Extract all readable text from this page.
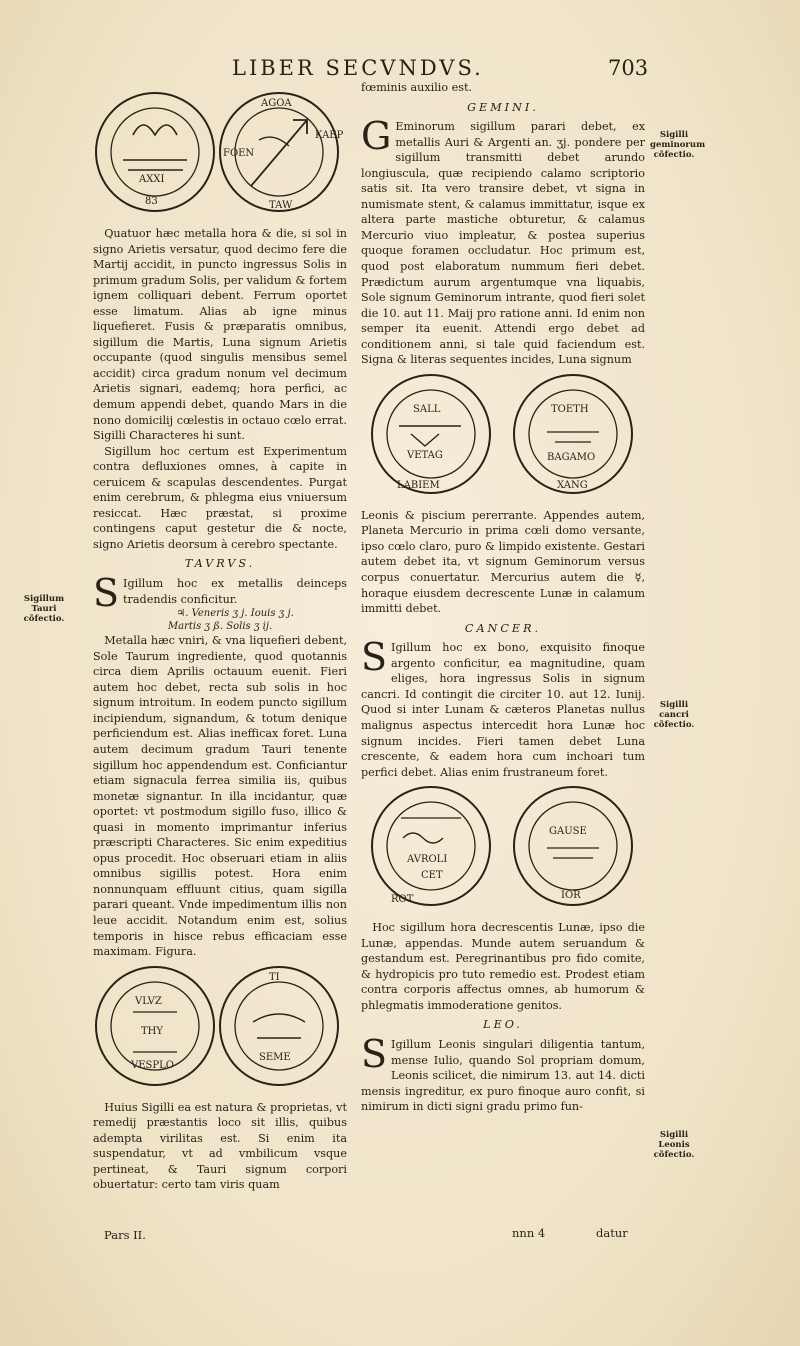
LIBER SECVNDVS.	703
AXXI
83
AGOA
KAEP
FOEN
TAW

Quatuor hæc metalla hora & die, si sol in signo Arietis versatur, quod decimo fere die Martij accidit, in puncto ingressus Solis in primum gradum Solis, per validum & fortem ignem colliquari debent. Ferrum oportet esse limatum. Alias ab igne minus liquefieret. Fusis & præparatis omnibus, sigillum die Martis, Luna signum Arietis occupante (quod singulis mensibus semel accidit) circa gradum nonum vel decimum Arietis signari, eademq; hora perfici, ac demum appendi debet, quando Mars in die nono domicilij cœlestis in octauo cœlo errat. Sigilli Characteres hi sunt.

Sigillum hoc certum est Experimentum contra defluxiones omnes, à capite in ceruicem & scapulas descendentes. Purgat enim cerebrum, & phlegma eius vniuersum resiccat. Hæc præstat, si proxime contingens caput gestetur die & nocte, signo Arietis deorsum à cerebro spectante.

TAVRVS.

S Igillum hoc ex metallis deinceps tradendis conficitur.

♃. Veneris ʒ j. Iouis ʒ j.
Martis ʒ ß. Solis ʒ ij.

Metalla hæc vniri, & vna liquefieri debent, Sole Taurum ingrediente, quod quotannis circa diem Aprilis octauum euenit. Fieri autem hoc debet, recta sub solis in hoc signum introitum. In eodem puncto sigillum incipiendum, signandum, & totum denique perficiendum est. Alias inefficax foret. Luna autem decimum gradum Tauri tenente sigillum hoc appendendum est. Conficiantur etiam signacula ferrea similia iis, quibus monetæ signantur. In illa incidantur, quæ oportet: vt postmodum sigillo fuso, illico & quasi in momento imprimantur inferius præscripti Characteres. Sic enim expeditius opus procedit. Hoc obseruari etiam in aliis omnibus sigillis potest. Hora enim nonnunquam effluunt citius, quam sigilla parari queant. Vnde impedimentum illis non leue accidit. Notandum enim est, solius temporis in hisce rebus efficaciam esse maximam. Figura.

VLVZ
THY
VESPLO
TI
SEME

Huius Sigilli ea est natura & proprietas, vt remedij præstantis loco sit illis, quibus adempta virilitas est. Si enim ita suspendatur, vt ad vmbilicum vsque pertineat, & Tauri signum corpori obuertatur: certo tam viris quam

Pars II.

fœminis auxilio est.

GEMINI.

G Eminorum sigillum parari debet, ex metallis Auri & Argenti an. ʒj. pondere per sigillum transmitti debet arundo longiuscula, quæ recipiendo calamo scriptorio satis sit. Ita vero transire debet, vt signa in numismate stent, & calamus immittatur, isque ex altera parte mastiche obturetur, & calamus Mercurio viuo impleatur, & postea superius quoque foramen occludatur. Hoc primum est, quod post elaboratum nummum fieri debet. Prædictum aurum argentumque vna liquabis, Sole signum Geminorum intrante, quod fieri solet die 10. aut 11. Maij pro ratione anni. Id enim non semper ita euenit. Attendi ergo debet ad conditionem anni, si tale quid faciendum est. Signa & literas sequentes incides, Luna signum

SALL
VETAG
LABIEM
TOETH
BAGAMO
XANG

Leonis & piscium pererrante. Appendes autem, Planeta Mercurio in prima cœli domo versante, ipso cœlo claro, puro & limpido existente. Gestari autem debet ita, vt signum Geminorum versus corpus conuertatur. Mercurius autem die ☿, horaque eiusdem decrescente Lunæ in calamum immitti debet.

CANCER.

S Igillum hoc ex bono, exquisito finoque argento conficitur, ea magnitudine, quam eliges, hora ingressus Solis in signum cancri. Id contingit die circiter 10. aut 12. Iunij. Quod si inter Lunam & cæteros Planetas nullus malignus aspectus intercedit hora Lunæ hoc signum incides. Fieri tamen debet Luna crescente, & eadem hora cum inchoari tum perfici debet. Alias enim frustraneum foret.

AVROLI
CET
ROT
GAUSE
IOR

Hoc sigillum hora decrescentis Lunæ, ipso die Lunæ, appendas. Munde autem seruandum & gestandum est. Peregrinantibus pro fido comite, & hydropicis pro tuto remedio est. Prodest etiam contra corporis affectus omnes, ab humorum & phlegmatis immoderatione genitos.

LEO.

S Igillum Leonis singulari diligentia tantum, mense Iulio, quando Sol propriam domum, Leonis scilicet, die nimirum 13. aut 14. dicti mensis ingreditur, ex puro finoque auro confit, si nimirum in dicti signi gradu primo fun-

nnn 4	datur
Sigillum Tauri cõfectio.
Sigilli geminorum cõfectio.
Sigilli cancri cõfectio.
Sigilli Leonis cõfectio.
